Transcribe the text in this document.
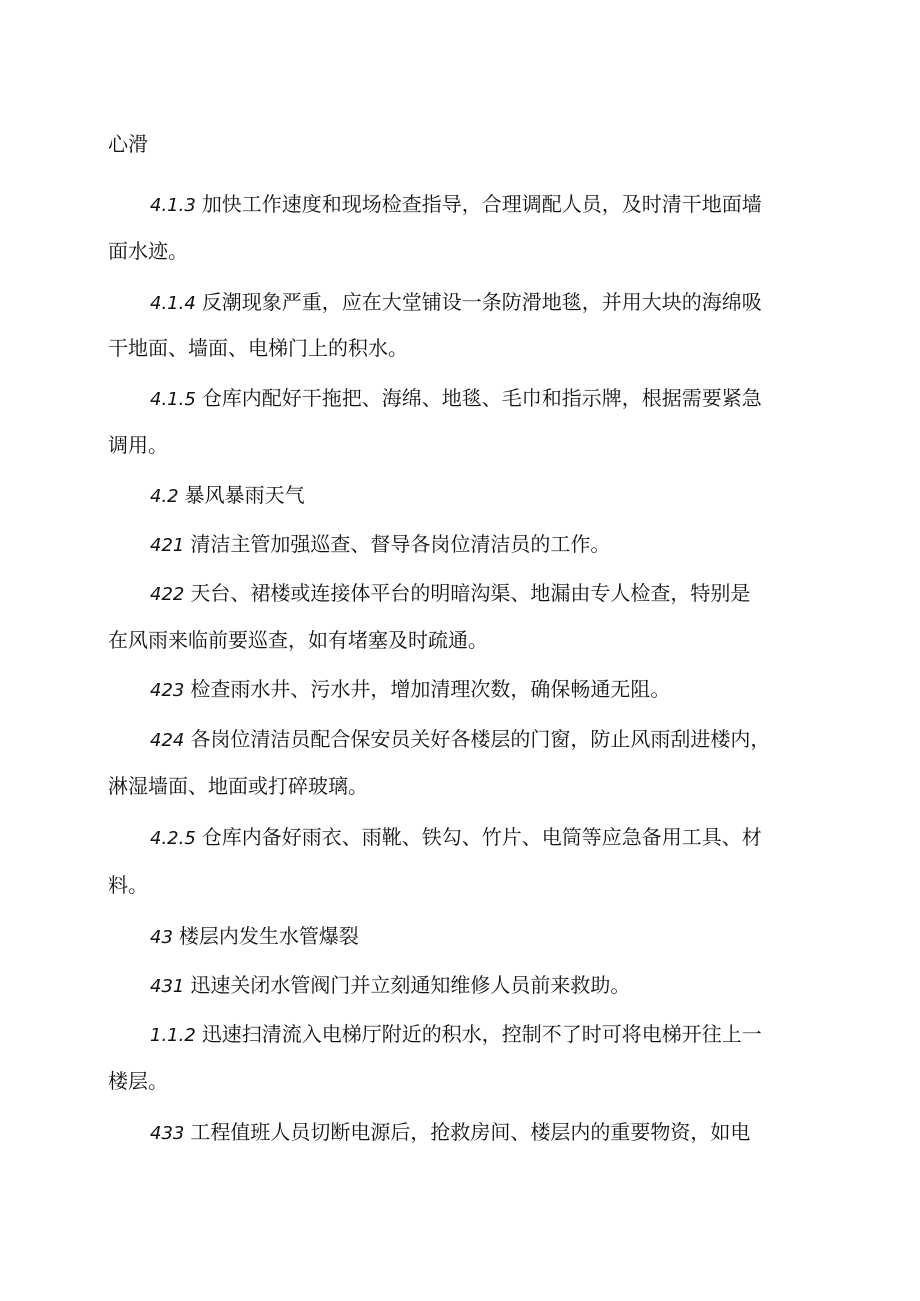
心滑

4.1.3 加快工作速度和现场检查指导，合理调配人员，及时清干地面墙

面水迹。

4.1.4 反潮现象严重，应在大堂铺设一条防滑地毯，并用大块的海绵吸

干地面、墙面、电梯门上的积水。

4.1.5 仓库内配好干拖把、海绵、地毯、毛巾和指示牌，根据需要紧急

调用。

4.2 暴风暴雨天气

421 清洁主管加强巡查、督导各岗位清洁员的工作。

422 天台、裙楼或连接体平台的明暗沟渠、地漏由专人检查，特别是

在风雨来临前要巡查，如有堵塞及时疏通。

423 检查雨水井、污水井，增加清理次数，确保畅通无阻。

424 各岗位清洁员配合保安员关好各楼层的门窗，防止风雨刮进楼内，

淋湿墙面、地面或打碎玻璃。

4.2.5 仓库内备好雨衣、雨靴、铁勾、竹片、电筒等应急备用工具、材

料。

43 楼层内发生水管爆裂

431 迅速关闭水管阀门并立刻通知维修人员前来救助。

1.1.2 迅速扫清流入电梯厅附近的积水，控制不了时可将电梯开往上一

楼层。

433 工程值班人员切断电源后，抢救房间、楼层内的重要物资，如电
